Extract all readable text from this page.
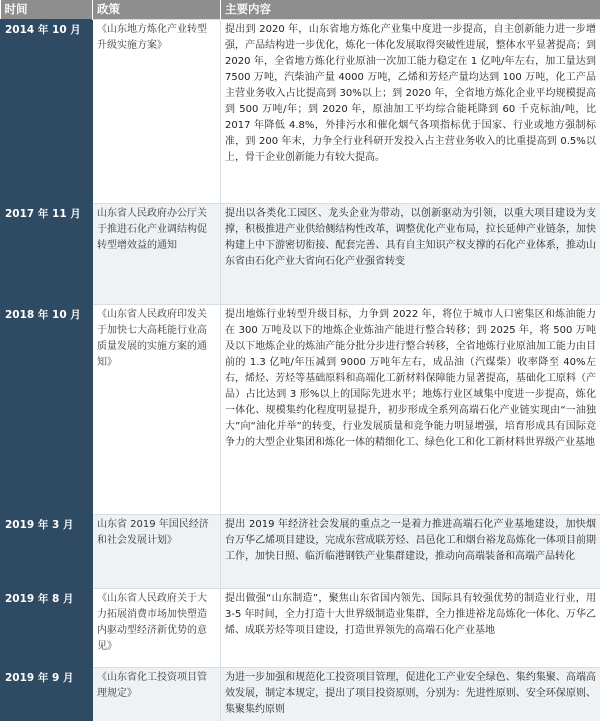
时间	政策	主要内容
2014 年 10 月	《山东地方炼化产业转型升级实施方案》	提出到 2020 年，山东省地方炼化产业集中度进一步提高，自主创新能力进一步增强，产品结构进一步优化，炼化一体化发展取得突破性进展，整体水平显著提高；到 2020 年，全省地方炼化行业原油一次加工能力稳定在 1 亿吨/年左右，加工量达到 7500 万吨，汽柴油产量 4000 万吨，乙烯和芳烃产量均达到 100 万吨，化工产品主营业务收入占比提高到 30%以上；到 2020 年，全省地方炼化企业平均规模提高到 500 万吨/年；到 2020 年，原油加工平均综合能耗降到 60 千克标油/吨，比 2017 年降低 4.8%，外排污水和催化烟气各项指标优于国家、行业或地方强制标准，到 200 年末，力争全行业科研开发投入占主营业务收入的比重提高到 0.5%以上，骨干企业创新能力有较大提高。
2017 年 11 月	山东省人民政府办公厅关于推进石化产业调结构促转型增效益的通知	提出以各类化工园区、龙头企业为带动，以创新驱动为引领，以重大项目建设为支撑，积极推进产业供给侧结构性改革，调整优化产业布局，拉长延伸产业链条，加快构建上中下游密切衔接、配套完善、具有自主知识产权支撑的石化产业体系，推动山东省由石化产业大省向石化产业强省转变
2018 年 10 月	《山东省人民政府印发关于加快七大高耗能行业高质量发展的实施方案的通知》	提出地炼行业转型升级目标，力争到 2022 年，将位于城市人口密集区和炼油能力在 300 万吨及以下的地炼企业炼油产能进行整合转移；到 2025 年，将 500 万吨及以下地炼企业的炼油产能分批分步进行整合转移，全省地炼行业原油加工能力由目前的 1.3 亿吨/年压减到 9000 万吨年左右，成品油（汽煤柴）收率降至 40%左右，烯烃、芳烃等基础原料和高端化工新材料保障能力显著提高，基础化工原料（产品）占比达到 3 形%以上的国际先进水平；地炼行业区域集中度进一步提高，炼化一体化、规模集约化程度明显提升，初步形成全系列高端石化产业链实现由“一油独大”向“油化并举”的转变，行业发展质量和竞争能力明显增强，培育形成具有国际竞争力的大型企业集团和炼化一体的精细化工、绿色化工和化工新材料世界级产业基地
2019 年 3 月	山东省 2019 年国民经济和社会发展计划》	提出 2019 年经济社会发展的重点之一是着力推进高端石化产业基地建设，加快烟台万华乙烯项目建设，完成东营成联芳烃、昌邑化工和烟台裕龙岛炼化一体项目前期工作，加快日照、临沂临港钢铁产业集群建设，推动向高端装备和高端产品转化
2019 年 8 月	《山东省人民政府关于大力拓展消费市场加快塑造内驱动型经济新优势的意见》	提出做强“山东制造”，聚焦山东省国内领先、国际具有较强优势的制造业行业，用 3-5 年时间，全力打造十大世界级制造业集群，全力推进裕龙岛炼化一体化、万华乙烯、成联芳烃等项目建设，打造世界领先的高端石化产业基地
2019 年 9 月	《山东省化工投资项目管理规定》	为进一步加强和规范化工投资项目管理，促进化工产业安全绿色、集约集聚、高端高效发展，制定本规定，提出了项目投资原则，分别为：先进性原则、安全环保原则、集聚集约原则
